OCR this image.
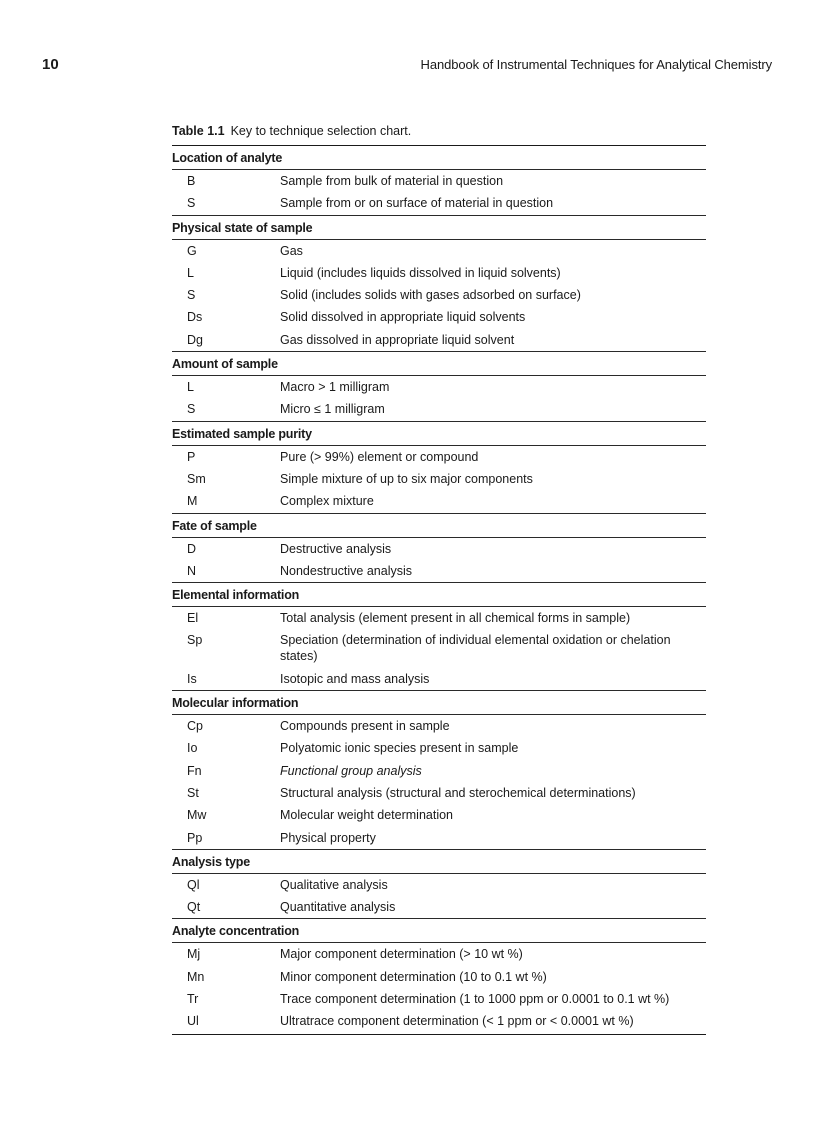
10	Handbook of Instrumental Techniques for Analytical Chemistry

Table 1.1 Key to technique selection chart.

Location of analyte
B	Sample from bulk of material in question
S	Sample from or on surface of material in question
Physical state of sample
G	Gas
L	Liquid (includes liquids dissolved in liquid solvents)
S	Solid (includes solids with gases adsorbed on surface)
Ds	Solid dissolved in appropriate liquid solvents
Dg	Gas dissolved in appropriate liquid solvent
Amount of sample
L	Macro > 1 milligram
S	Micro ≤ 1 milligram
Estimated sample purity
P	Pure (> 99%) element or compound
Sm	Simple mixture of up to six major components
M	Complex mixture
Fate of sample
D	Destructive analysis
N	Nondestructive analysis
Elemental information
El	Total analysis (element present in all chemical forms in sample)
Sp	Speciation (determination of individual elemental oxidation or chelation states)
Is	Isotopic and mass analysis
Molecular information
Cp	Compounds present in sample
Io	Polyatomic ionic species present in sample
Fn	Functional group analysis
St	Structural analysis (structural and sterochemical determinations)
Mw	Molecular weight determination
Pp	Physical property
Analysis type
Ql	Qualitative analysis
Qt	Quantitative analysis
Analyte concentration
Mj	Major component determination (> 10 wt %)
Mn	Minor component determination (10 to 0.1 wt %)
Tr	Trace component determination (1 to 1000 ppm or 0.0001 to 0.1 wt %)
Ul	Ultratrace component determination (< 1 ppm or < 0.0001 wt %)
